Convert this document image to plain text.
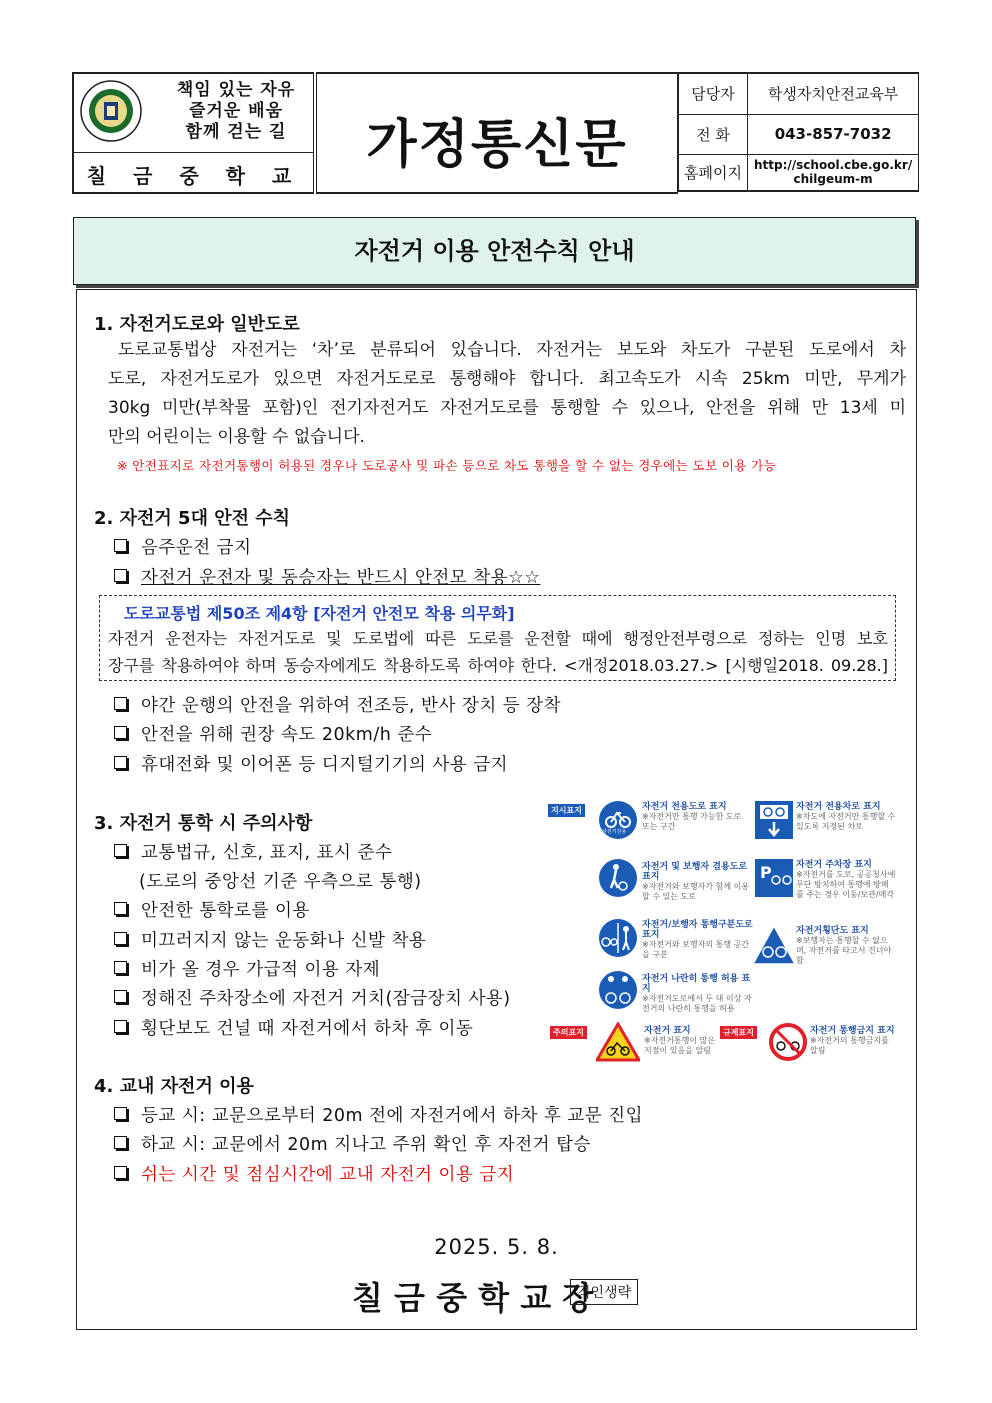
책임 있는 자유
즐거운 배움
함께 걷는 길
칠 금 중 학 교
가정통신문
담당자	학생자치안전교육부
전 화	043-857-7032
홈페이지	http://school.cbe.go.kr/ chilgeum-m
자전거 이용 안전수칙 안내
1. 자전거도로와 일반도로
도로교통법상 자전거는 ‘차’로 분류되어 있습니다. 자전거는 보도와 차도가 구분된 도로에서 차
도로, 자전거도로가 있으면 자전거도로로 통행해야 합니다. 최고속도가 시속 25km 미만, 무게가
30kg 미만(부착물 포함)인 전기자전거도 자전거도로를 통행할 수 있으나, 안전을 위해 만 13세 미
만의 어린이는 이용할 수 없습니다.
※ 안전표지로 자전거통행이 허용된 경우나 도로공사 및 파손 등으로 차도 통행을 할 수 없는 경우에는 도보 이용 가능
2. 자전거 5대 안전 수칙
음주운전 금지
자전거 운전자 및 동승자는 반드시 안전모 착용☆☆
도로교통법 제50조 제4항 [자전거 안전모 착용 의무화]
자전거 운전자는 자전거도로 및 도로법에 따른 도로를 운전할 때에 행정안전부령으로 정하는 인명 보호
장구를 착용하여야 하며 동승자에게도 착용하도록 하여야 한다. <개정2018.03.27.> [시행일2018. 09.28.]
야간 운행의 안전을 위하여 전조등, 반사 장치 등 장착
안전을 위해 권장 속도 20km/h 준수
휴대전화 및 이어폰 등 디지털기기의 사용 금지
3. 자전거 통학 시 주의사항
교통법규, 신호, 표지, 표시 준수
(도로의 중앙선 기준 우측으로 통행)
안전한 통학로를 이용
미끄러지지 않는 운동화나 신발 착용
비가 올 경우 가급적 이용 자제
정해진 주차장소에 자전거 거치(잠금장치 사용)
횡단보도 건널 때 자전거에서 하차 후 이동
지시표지
자전거전용
자전거 전용도로 표지
※자전거만 통행 가능한 도로 또는 구간
자전거 전용차로 표지
※차도에 자전거만 통행할 수 있도록 지정된 차로
자전거 및 보행자 겸용도로 표지
※자전거와 보행자가 함께 이용할 수 있는 도로
P	자전거 주차장 표지
※자전거를 도로, 공공청사에 무단 방치하여 통행에 방해를 주는 경우 이동/보관/매각
자전거/보행자 통행구분도로 표지
※자전거와 보행자의 통행 공간을 구분
자전거횡단도 표지
※보행자는 통행할 수 없으며, 자전거를 타고서 건너야 함
자전거 나란히 통행 허용 표지
※자전거도로에서 두 대 이상 자전거의 나란히 통행을 허용
주의표지	자전거 표지
※자전거통행이 많은 지점이 있음을 알림
규제표지	자전거 통행금지 표지
※자전거의 통행금지를 알림
4. 교내 자전거 이용
등교 시: 교문으로부터 20m 전에 자전거에서 하차 후 교문 진입
하교 시: 교문에서 20m 지나고 주위 확인 후 자전거 탑승
쉬는 시간 및 점심시간에 교내 자전거 이용 금지
2025. 5. 8.
칠 금 중 학 교 장
직인생략
